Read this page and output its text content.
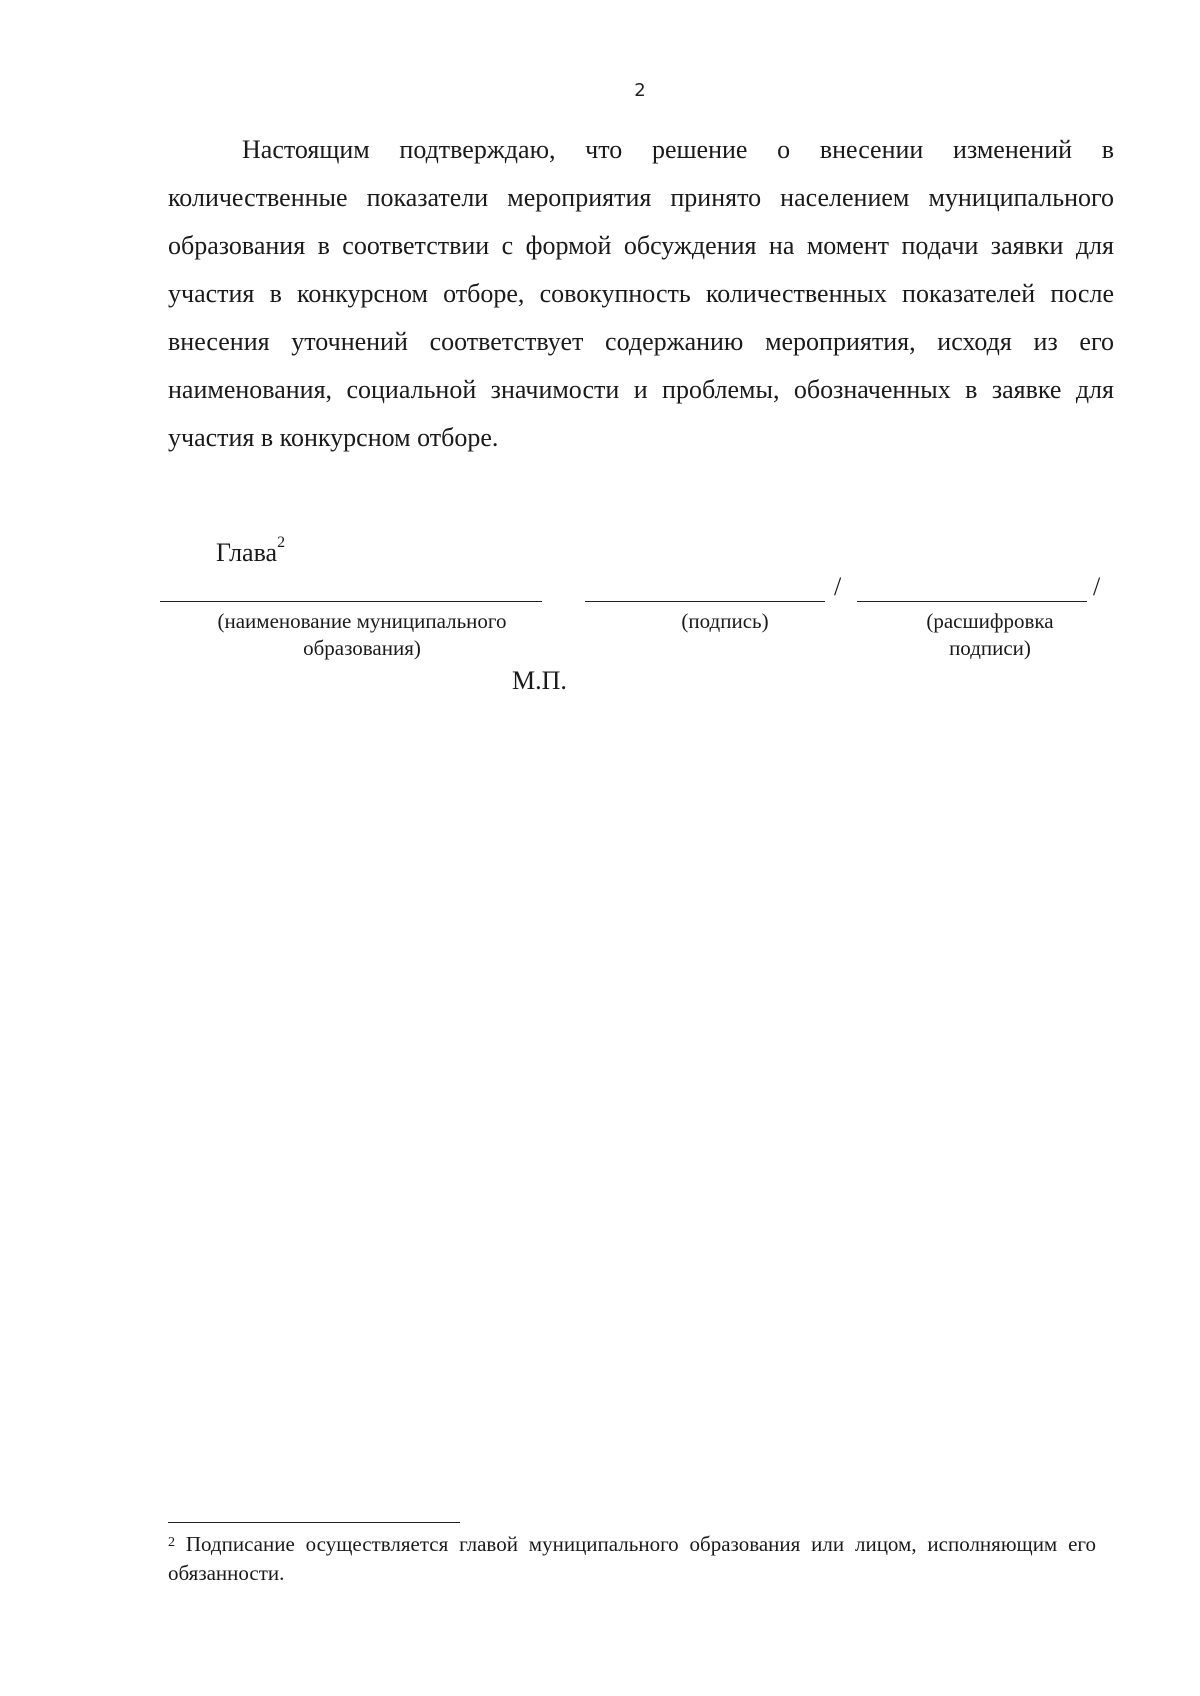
2

Настоящим подтверждаю, что решение о внесении изменений в количественные показатели мероприятия принято населением муниципального образования в соответствии с формой обсуждения на момент подачи заявки для участия в конкурсном отборе, совокупность количественных показателей после внесения уточнений соответствует содержанию мероприятия, исходя из его наименования, социальной значимости и проблемы, обозначенных в заявке для участия в конкурсном отборе.

Глава$^2$
/	/
(наименование муниципального
образования)
(подпись)	(расшифровка
подписи)
М.П.

$^2$ Подписание осуществляется главой муниципального образования или лицом, исполняющим его обязанности.
